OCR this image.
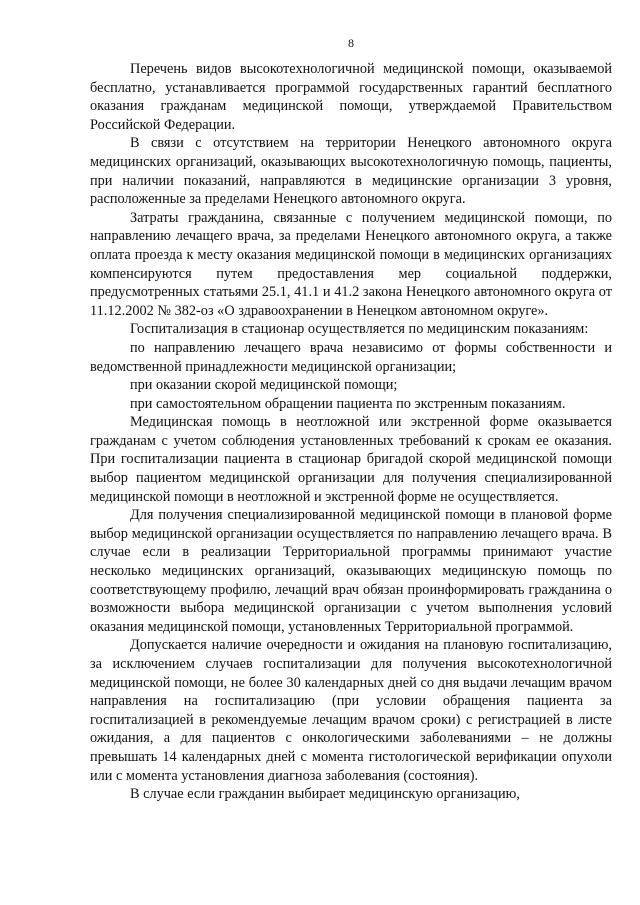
8

Перечень видов высокотехнологичной медицинской помощи, оказываемой бесплатно, устанавливается программой государственных гарантий бесплатного оказания гражданам медицинской помощи, утверждаемой Правительством Российской Федерации.

В связи с отсутствием на территории Ненецкого автономного округа медицинских организаций, оказывающих высокотехнологичную помощь, пациенты, при наличии показаний, направляются в медицинские организации 3 уровня, расположенные за пределами Ненецкого автономного округа.

Затраты гражданина, связанные с получением медицинской помощи, по направлению лечащего врача, за пределами Ненецкого автономного округа, а также оплата проезда к месту оказания медицинской помощи в медицинских организациях компенсируются путем предоставления мер социальной поддержки, предусмотренных статьями 25.1, 41.1 и 41.2 закона Ненецкого автономного округа от 11.12.2002 № 382-оз «О здравоохранении в Ненецком автономном округе».

Госпитализация в стационар осуществляется по медицинским показаниям:

по направлению лечащего врача независимо от формы собственности и ведомственной принадлежности медицинской организации;

при оказании скорой медицинской помощи;

при самостоятельном обращении пациента по экстренным показаниям.

Медицинская помощь в неотложной или экстренной форме оказывается гражданам с учетом соблюдения установленных требований к срокам ее оказания. При госпитализации пациента в стационар бригадой скорой медицинской помощи выбор пациентом медицинской организации для получения специализированной медицинской помощи в неотложной и экстренной форме не осуществляется.

Для получения специализированной медицинской помощи в плановой форме выбор медицинской организации осуществляется по направлению лечащего врача. В случае если в реализации Территориальной программы принимают участие несколько медицинских организаций, оказывающих медицинскую помощь по соответствующему профилю, лечащий врач обязан проинформировать гражданина о возможности выбора медицинской организации с учетом выполнения условий оказания медицинской помощи, установленных Территориальной программой.

Допускается наличие очередности и ожидания на плановую госпитализацию, за исключением случаев госпитализации для получения высокотехнологичной медицинской помощи, не более 30 календарных дней со дня выдачи лечащим врачом направления на госпитализацию (при условии обращения пациента за госпитализацией в рекомендуемые лечащим врачом сроки) с регистрацией в листе ожидания, а для пациентов с онкологическими заболеваниями – не должны превышать 14 календарных дней с момента гистологической верификации опухоли или с момента установления диагноза заболевания (состояния).

В случае если гражданин выбирает медицинскую организацию,
